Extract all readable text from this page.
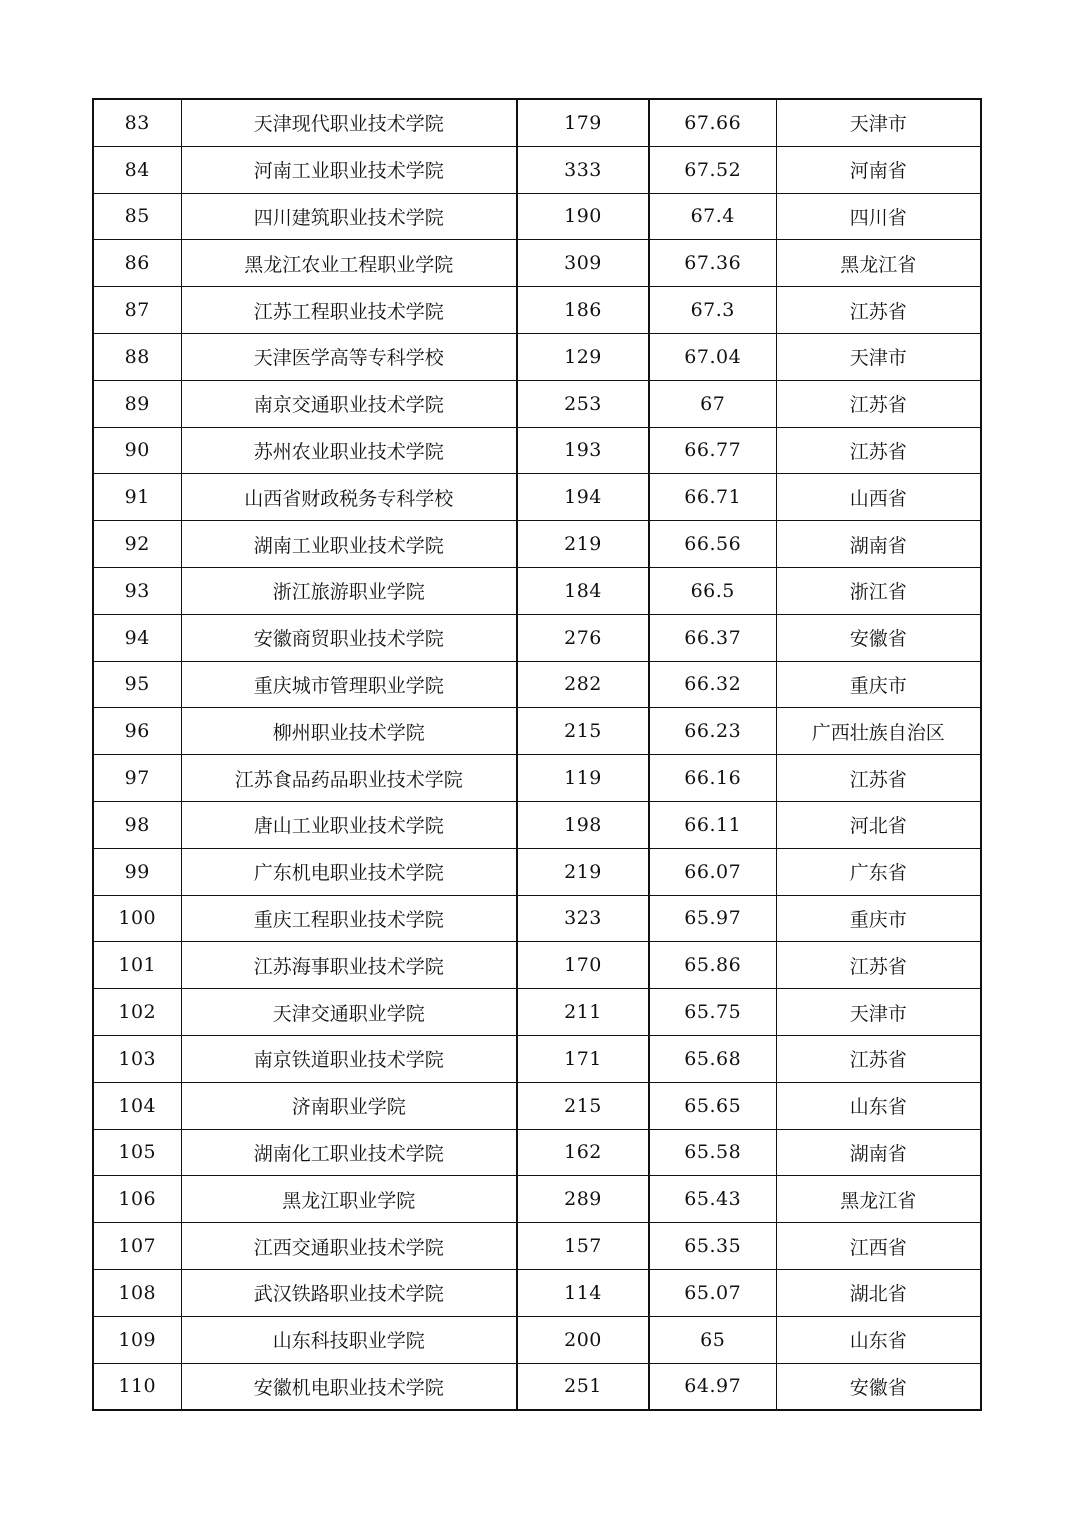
83	天津现代职业技术学院	179	67.66	天津市
84	河南工业职业技术学院	333	67.52	河南省
85	四川建筑职业技术学院	190	67.4	四川省
86	黑龙江农业工程职业学院	309	67.36	黑龙江省
87	江苏工程职业技术学院	186	67.3	江苏省
88	天津医学高等专科学校	129	67.04	天津市
89	南京交通职业技术学院	253	67	江苏省
90	苏州农业职业技术学院	193	66.77	江苏省
91	山西省财政税务专科学校	194	66.71	山西省
92	湖南工业职业技术学院	219	66.56	湖南省
93	浙江旅游职业学院	184	66.5	浙江省
94	安徽商贸职业技术学院	276	66.37	安徽省
95	重庆城市管理职业学院	282	66.32	重庆市
96	柳州职业技术学院	215	66.23	广西壮族自治区
97	江苏食品药品职业技术学院	119	66.16	江苏省
98	唐山工业职业技术学院	198	66.11	河北省
99	广东机电职业技术学院	219	66.07	广东省
100	重庆工程职业技术学院	323	65.97	重庆市
101	江苏海事职业技术学院	170	65.86	江苏省
102	天津交通职业学院	211	65.75	天津市
103	南京铁道职业技术学院	171	65.68	江苏省
104	济南职业学院	215	65.65	山东省
105	湖南化工职业技术学院	162	65.58	湖南省
106	黑龙江职业学院	289	65.43	黑龙江省
107	江西交通职业技术学院	157	65.35	江西省
108	武汉铁路职业技术学院	114	65.07	湖北省
109	山东科技职业学院	200	65	山东省
110	安徽机电职业技术学院	251	64.97	安徽省
